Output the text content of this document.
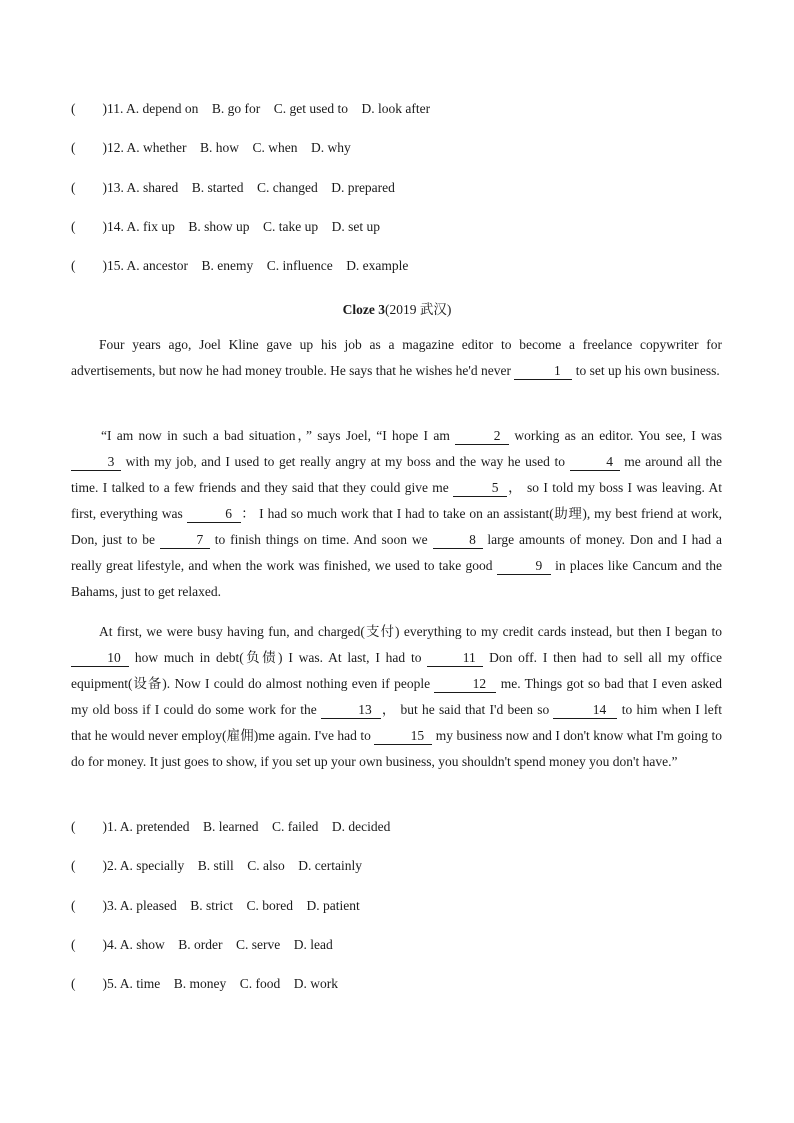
(        )11. A. depend on    B. go for    C. get used to    D. look after
(        )12. A. whether    B. how    C. when    D. why
(        )13. A. shared    B. started    C. changed    D. prepared
(        )14. A. fix up    B. show up    C. take up    D. set up
(        )15. A. ancestor    B. enemy    C. influence    D. example
Cloze 3(2019 武汉)
Four years ago, Joel Kline gave up his job as a magazine editor to become a freelance copywriter for advertisements, but now he had money trouble. He says that he wishes he'd never	1 to set up his own business.
“I am now in such a bad situation，” says Joel, “I hope I am	2 working as an editor. You see, I was 3 with my job, and I used to get really angry at my boss and the way he used to	4 me around all the time. I talked to a few friends and they said that they could give me	5 ， so I told my boss I was leaving. At first, everything was	6 ： I had so much work that I had to take on an assistant(助理), my best friend at work, Don, just to be	7 to finish things on time. And soon we	8 large amounts of money. Don and I had a really great lifestyle, and when the work was finished, we used to take good	9 in places like Cancum and the Bahams, just to get relaxed.
At first, we were busy having fun, and charged(支付) everything to my credit cards instead, but then I began to 10 how much in debt(负债) I was. At last, I had to	11 Don off. I then had to sell all my office equipment(设备). Now I could do almost nothing even if people	12 me. Things got so bad that I even asked my old boss if I could do some work for the	13 ， but he said that I'd been so	14 to him when I left that he would never employ(雇佣)me again. I've had to	15 my business now and I don't know what I'm going to do for money. It just goes to show, if you set up your own business, you shouldn't spend money you don't have.”
(        )1. A. pretended    B. learned    C. failed    D. decided
(        )2. A. specially    B. still    C. also    D. certainly
(        )3. A. pleased    B. strict    C. bored    D. patient
(        )4. A. show    B. order    C. serve    D. lead
(        )5. A. time    B. money    C. food    D. work
